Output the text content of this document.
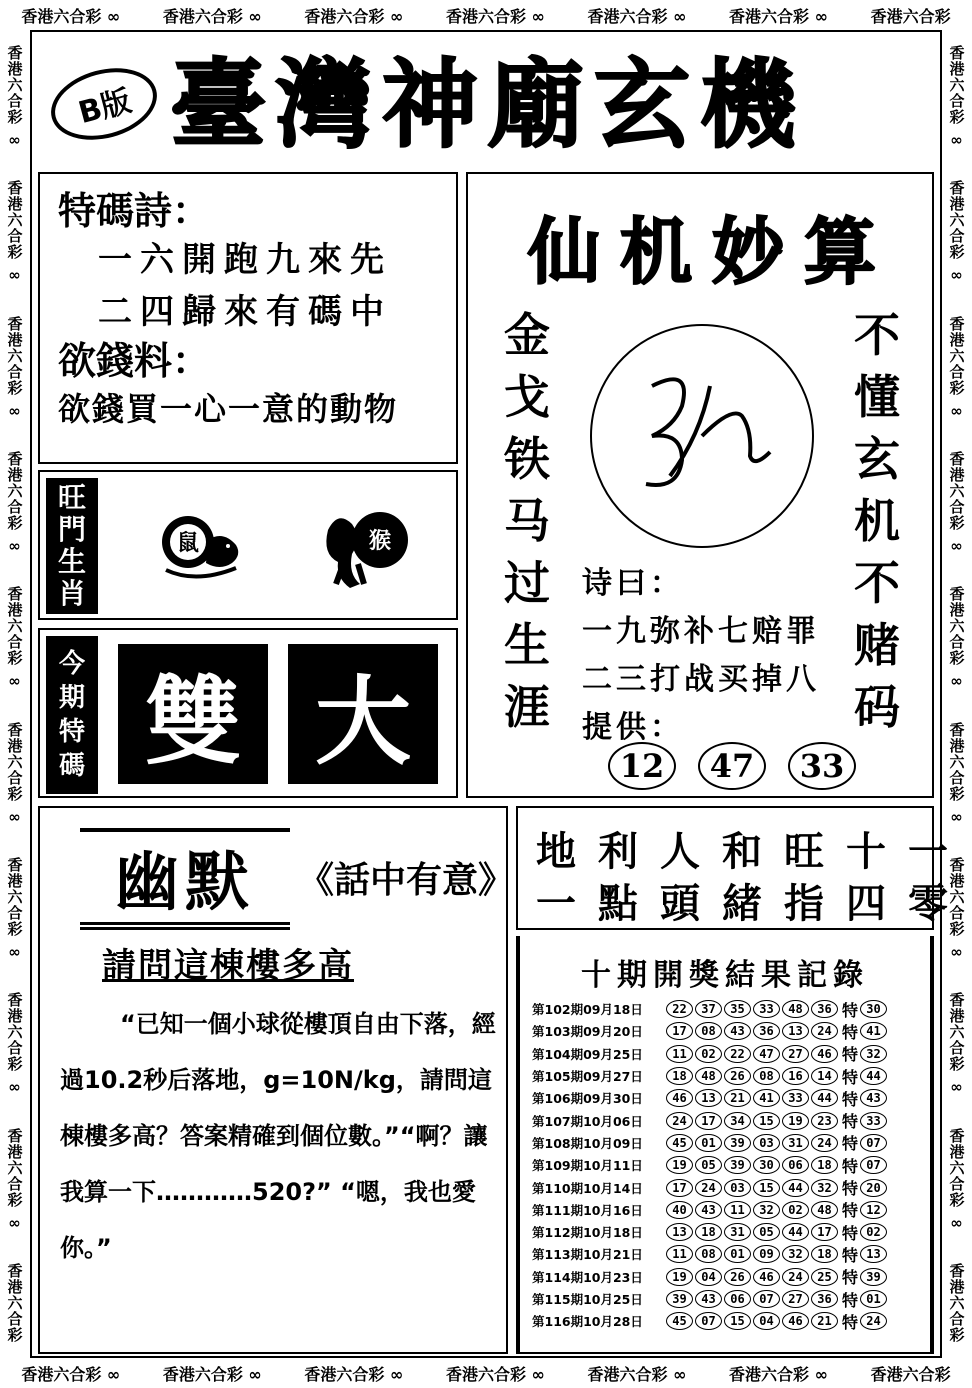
香港六合彩 ∞	香港六合彩 ∞	香港六合彩 ∞	香港六合彩 ∞	香港六合彩 ∞	香港六合彩 ∞	香港六合彩
香港六合彩 ∞	香港六合彩 ∞	香港六合彩 ∞	香港六合彩 ∞	香港六合彩 ∞	香港六合彩 ∞	香港六合彩
香港六合彩 ∞
香港六合彩 ∞
香港六合彩 ∞
香港六合彩 ∞
香港六合彩 ∞
香港六合彩 ∞
香港六合彩 ∞
香港六合彩 ∞
香港六合彩 ∞
香港六合彩
香港六合彩 ∞
香港六合彩 ∞
香港六合彩 ∞
香港六合彩 ∞
香港六合彩 ∞
香港六合彩 ∞
香港六合彩 ∞
香港六合彩 ∞
香港六合彩 ∞
香港六合彩
B版 臺灣神廟玄機
特碼詩：
一六開跑九來先
二四歸來有碼中
欲錢料：
欲錢買一心一意的動物
旺
門
生
肖
鼠	猴
今
期
特
碼 雙 大
仙机妙算
金
戈
铁
马
过
生
涯
不
懂
玄
机
不
赌
码
诗曰：
一九弥补七赔罪
二三打战买掉八
提供：
12	47	33
幽默	《話中有意》
請問這棟樓多高
“已知一個小球從樓頂自由下落，經過10.2秒后落地，g=10N/kg，請問這棟樓多高？答案精確到個位數。”“啊？讓我算一下…………520?” “嗯，我也愛你。”
地 利 人 和 旺 十 一
一 點 頭 緒 指 四 零
十期開獎結果記錄
第102期09月18日	22	37	35	33	48	36 特 30
第103期09月20日	17	08	43	36	13	24 特 41
第104期09月25日	11	02	22	47	27	46 特 32
第105期09月27日	18	48	26	08	16	14 特 44
第106期09月30日	46	13	21	41	33	44 特 43
第107期10月06日	24	17	34	15	19	23 特 33
第108期10月09日	45	01	39	03	31	24 特 07
第109期10月11日	19	05	39	30	06	18 特 07
第110期10月14日	17	24	03	15	44	32 特 20
第111期10月16日	40	43	11	32	02	48 特 12
第112期10月18日	13	18	31	05	44	17 特 02
第113期10月21日	11	08	01	09	32	18 特 13
第114期10月23日	19	04	26	46	24	25 特 39
第115期10月25日	39	43	06	07	27	36 特 01
第116期10月28日	45	07	15	04	46	21 特 24
